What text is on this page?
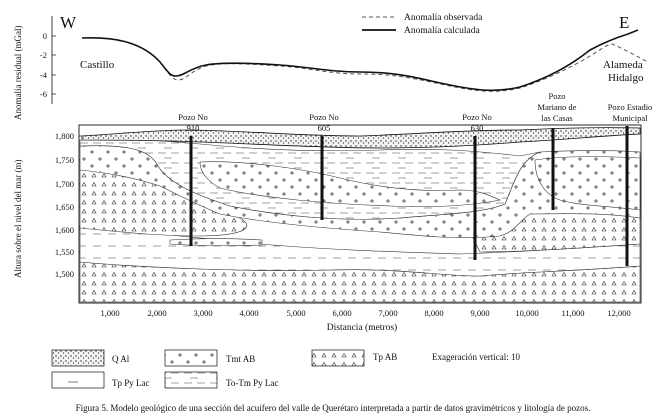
W	E
Anomalía residual (mGal) 0
-2
-4
-6
Anomalía observada
Anomalía calculada
Castillo	Alameda
Hidalgo
Altura sobre el nivel del mar (m)
1,800
1,750
1,700
1,650
1,600
1,550
1,500
1,000	2,000	3,000	4,000	5,000	6,000	7,000	8,000	9,000	10,000	11,000	12,000
Distancia (metros)
Pozo No
910
Pozo No
605
Pozo No
630
Pozo
Mariano de
las Casas
Pozo Estadio
Municipal
Q Al	Tmt AB	Tp AB	Exageración vertical: 10
Tp Py Lac	To-Tm Py Lac
Figura 5. Modelo geológico de una sección del acuífero del valle de Querétaro interpretada a partir de datos gravimétricos y litología de pozos.
